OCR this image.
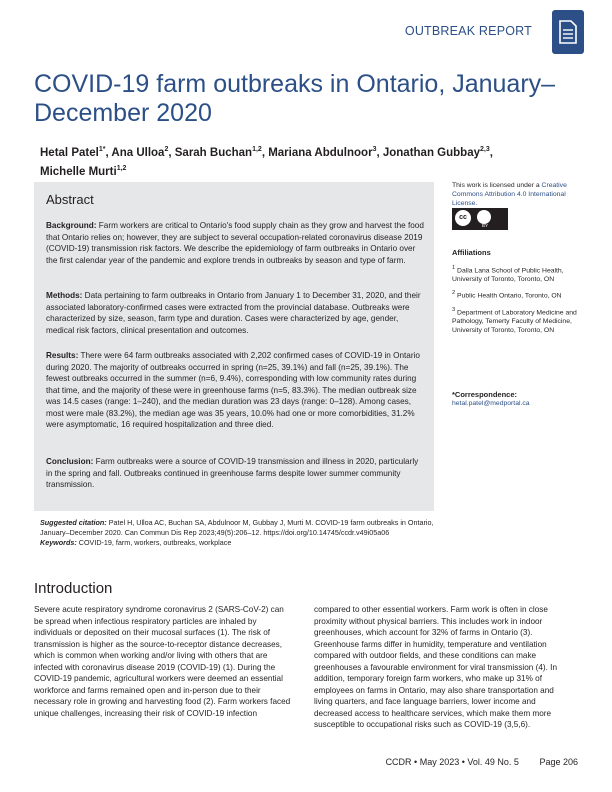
OUTBREAK REPORT
COVID-19 farm outbreaks in Ontario, January–December 2020
Hetal Patel$^{1*}$, Ana Ulloa$^2$, Sarah Buchan$^{1,2}$, Mariana Abdulnoor$^3$, Jonathan Gubbay$^{2,3}$,
Michelle Murti$^{1,2}$
Abstract

Background: Farm workers are critical to Ontario's food supply chain as they grow and harvest the food that Ontario relies on; however, they are subject to several occupation-related coronavirus disease 2019 (COVID-19) transmission risk factors. We describe the epidemiology of farm outbreaks in Ontario over the first calendar year of the pandemic and explore trends in outbreaks by season and type of farm.

Methods: Data pertaining to farm outbreaks in Ontario from January 1 to December 31, 2020, and their associated laboratory-confirmed cases were extracted from the provincial database. Outbreaks were characterized by size, season, farm type and duration. Cases were characterized by age, gender, medical risk factors, clinical presentation and outcomes.

Results: There were 64 farm outbreaks associated with 2,202 confirmed cases of COVID-19 in Ontario during 2020. The majority of outbreaks occurred in spring (n=25, 39.1%) and fall (n=25, 39.1%). The fewest outbreaks occurred in the summer (n=6, 9.4%), corresponding with low community rates during that time, and the majority of these were in greenhouse farms (n=5, 83.3%). The median outbreak size was 14.5 cases (range: 1–240), and the median duration was 23 days (range: 0–128). Among cases, most were male (83.2%), the median age was 35 years, 10.0% had one or more comorbidities, 31.2% were asymptomatic, 16 required hospitalization and three died.

Conclusion: Farm outbreaks were a source of COVID-19 transmission and illness in 2020, particularly in the spring and fall. Outbreaks continued in greenhouse farms despite lower summer community transmission.

This work is licensed under a Creative Commons Attribution 4.0 International License.
cc
BY
Affiliations
$^1$ Dalla Lana School of Public Health, University of Toronto, Toronto, ON
$^2$ Public Health Ontario, Toronto, ON
$^3$ Department of Laboratory Medicine and Pathology, Temerty Faculty of Medicine, University of Toronto, Toronto, ON
*Correspondence:
hetal.patel@medportal.ca
Suggested citation: Patel H, Ulloa AC, Buchan SA, Abdulnoor M, Gubbay J, Murti M. COVID-19 farm outbreaks in Ontario, January–December 2020. Can Commun Dis Rep 2023;49(5):206–12. https://doi.org/10.14745/ccdr.v49i05a06
Keywords: COVID-19, farm, workers, outbreaks, workplace
Introduction

Severe acute respiratory syndrome coronavirus 2 (SARS-CoV-2) can be spread when infectious respiratory particles are inhaled by individuals or deposited on their mucosal surfaces (1). The risk of transmission is higher as the source-to-receptor distance decreases, which is common when working and/or living with others that are infected with coronavirus disease 2019 (COVID-19) (1). During the COVID-19 pandemic, agricultural workers were deemed an essential workforce and farms remained open and in-person due to their necessary role in growing and harvesting food (2). Farm workers faced unique challenges, increasing their risk of COVID-19 infection

compared to other essential workers. Farm work is often in close proximity without physical barriers. This includes work in indoor greenhouses, which account for 32% of farms in Ontario (3). Greenhouse farms differ in humidity, temperature and ventilation compared with outdoor fields, and these conditions can make greenhouses a favourable environment for viral transmission (4). In addition, temporary foreign farm workers, who make up 31% of employees on farms in Ontario, may also share transportation and living quarters, and face language barriers, lower income and decreased access to healthcare services, which make them more susceptible to occupational risks such as COVID-19 (3,5,6).

CCDR • May 2023 • Vol. 49 No. 5 Page 206
